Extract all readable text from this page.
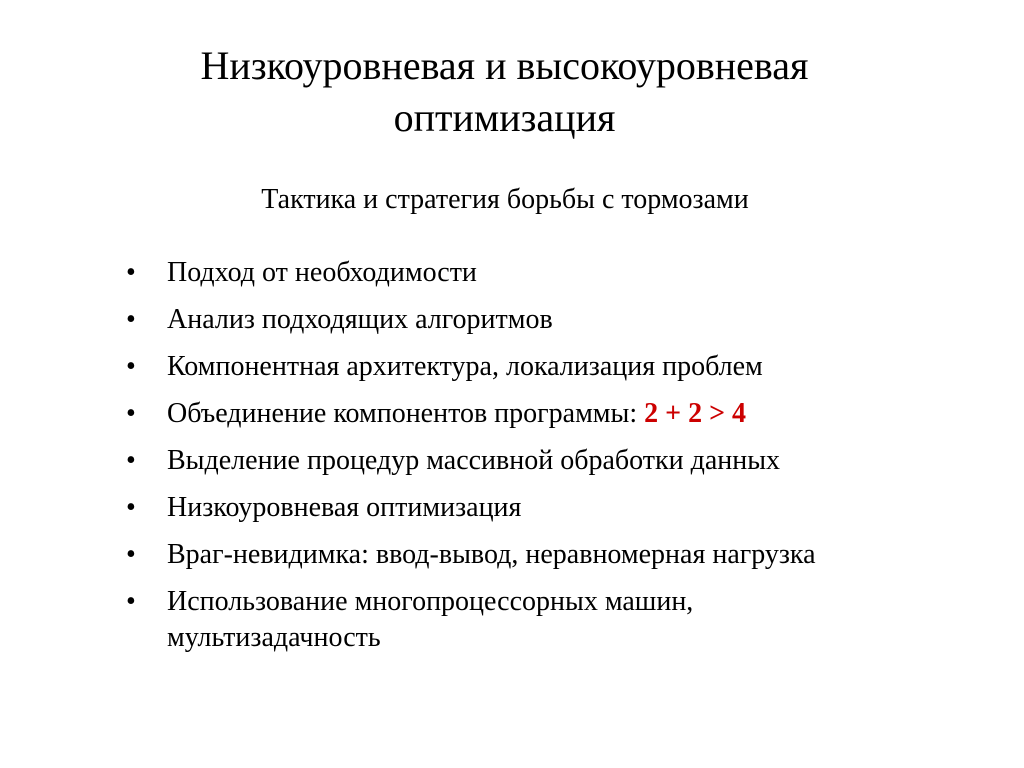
Низкоуровневая и высокоуровневая
оптимизация

Тактика и стратегия борьбы с тормозами

• Подход от необходимости
• Анализ подходящих алгоритмов
• Компонентная архитектура, локализация проблем
• Объединение компонентов программы: 2 + 2 > 4
• Выделение процедур массивной обработки данных
• Низкоуровневая оптимизация
• Враг-невидимка: ввод-вывод, неравномерная нагрузка
• Использование многопроцессорных машин,
мультизадачность
